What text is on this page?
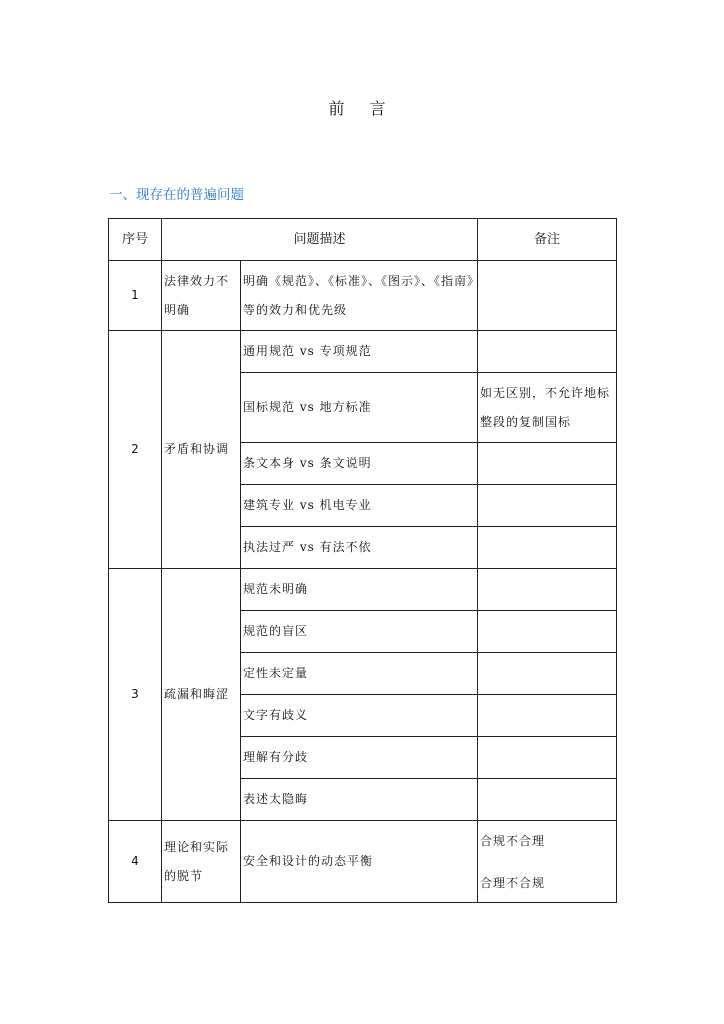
前 言
一、现存在的普遍问题
序号	问题描述		备注
1	法律效力不明确	明确《规范》、《标准》、《图示》、《指南》等的效力和优先级	
2	矛盾和协调	通用规范 vs 专项规范	
		国标规范 vs 地方标准	如无区别，不允许地标整段的复制国标
		条文本身 vs 条文说明	
		建筑专业 vs 机电专业	
		执法过严 vs 有法不依	
3	疏漏和晦涩	规范未明确	
		规范的盲区	
		定性未定量	
		文字有歧义	
		理解有分歧	
		表述太隐晦	
4	理论和实际的脱节	安全和设计的动态平衡	合规不合理
合理不合规
